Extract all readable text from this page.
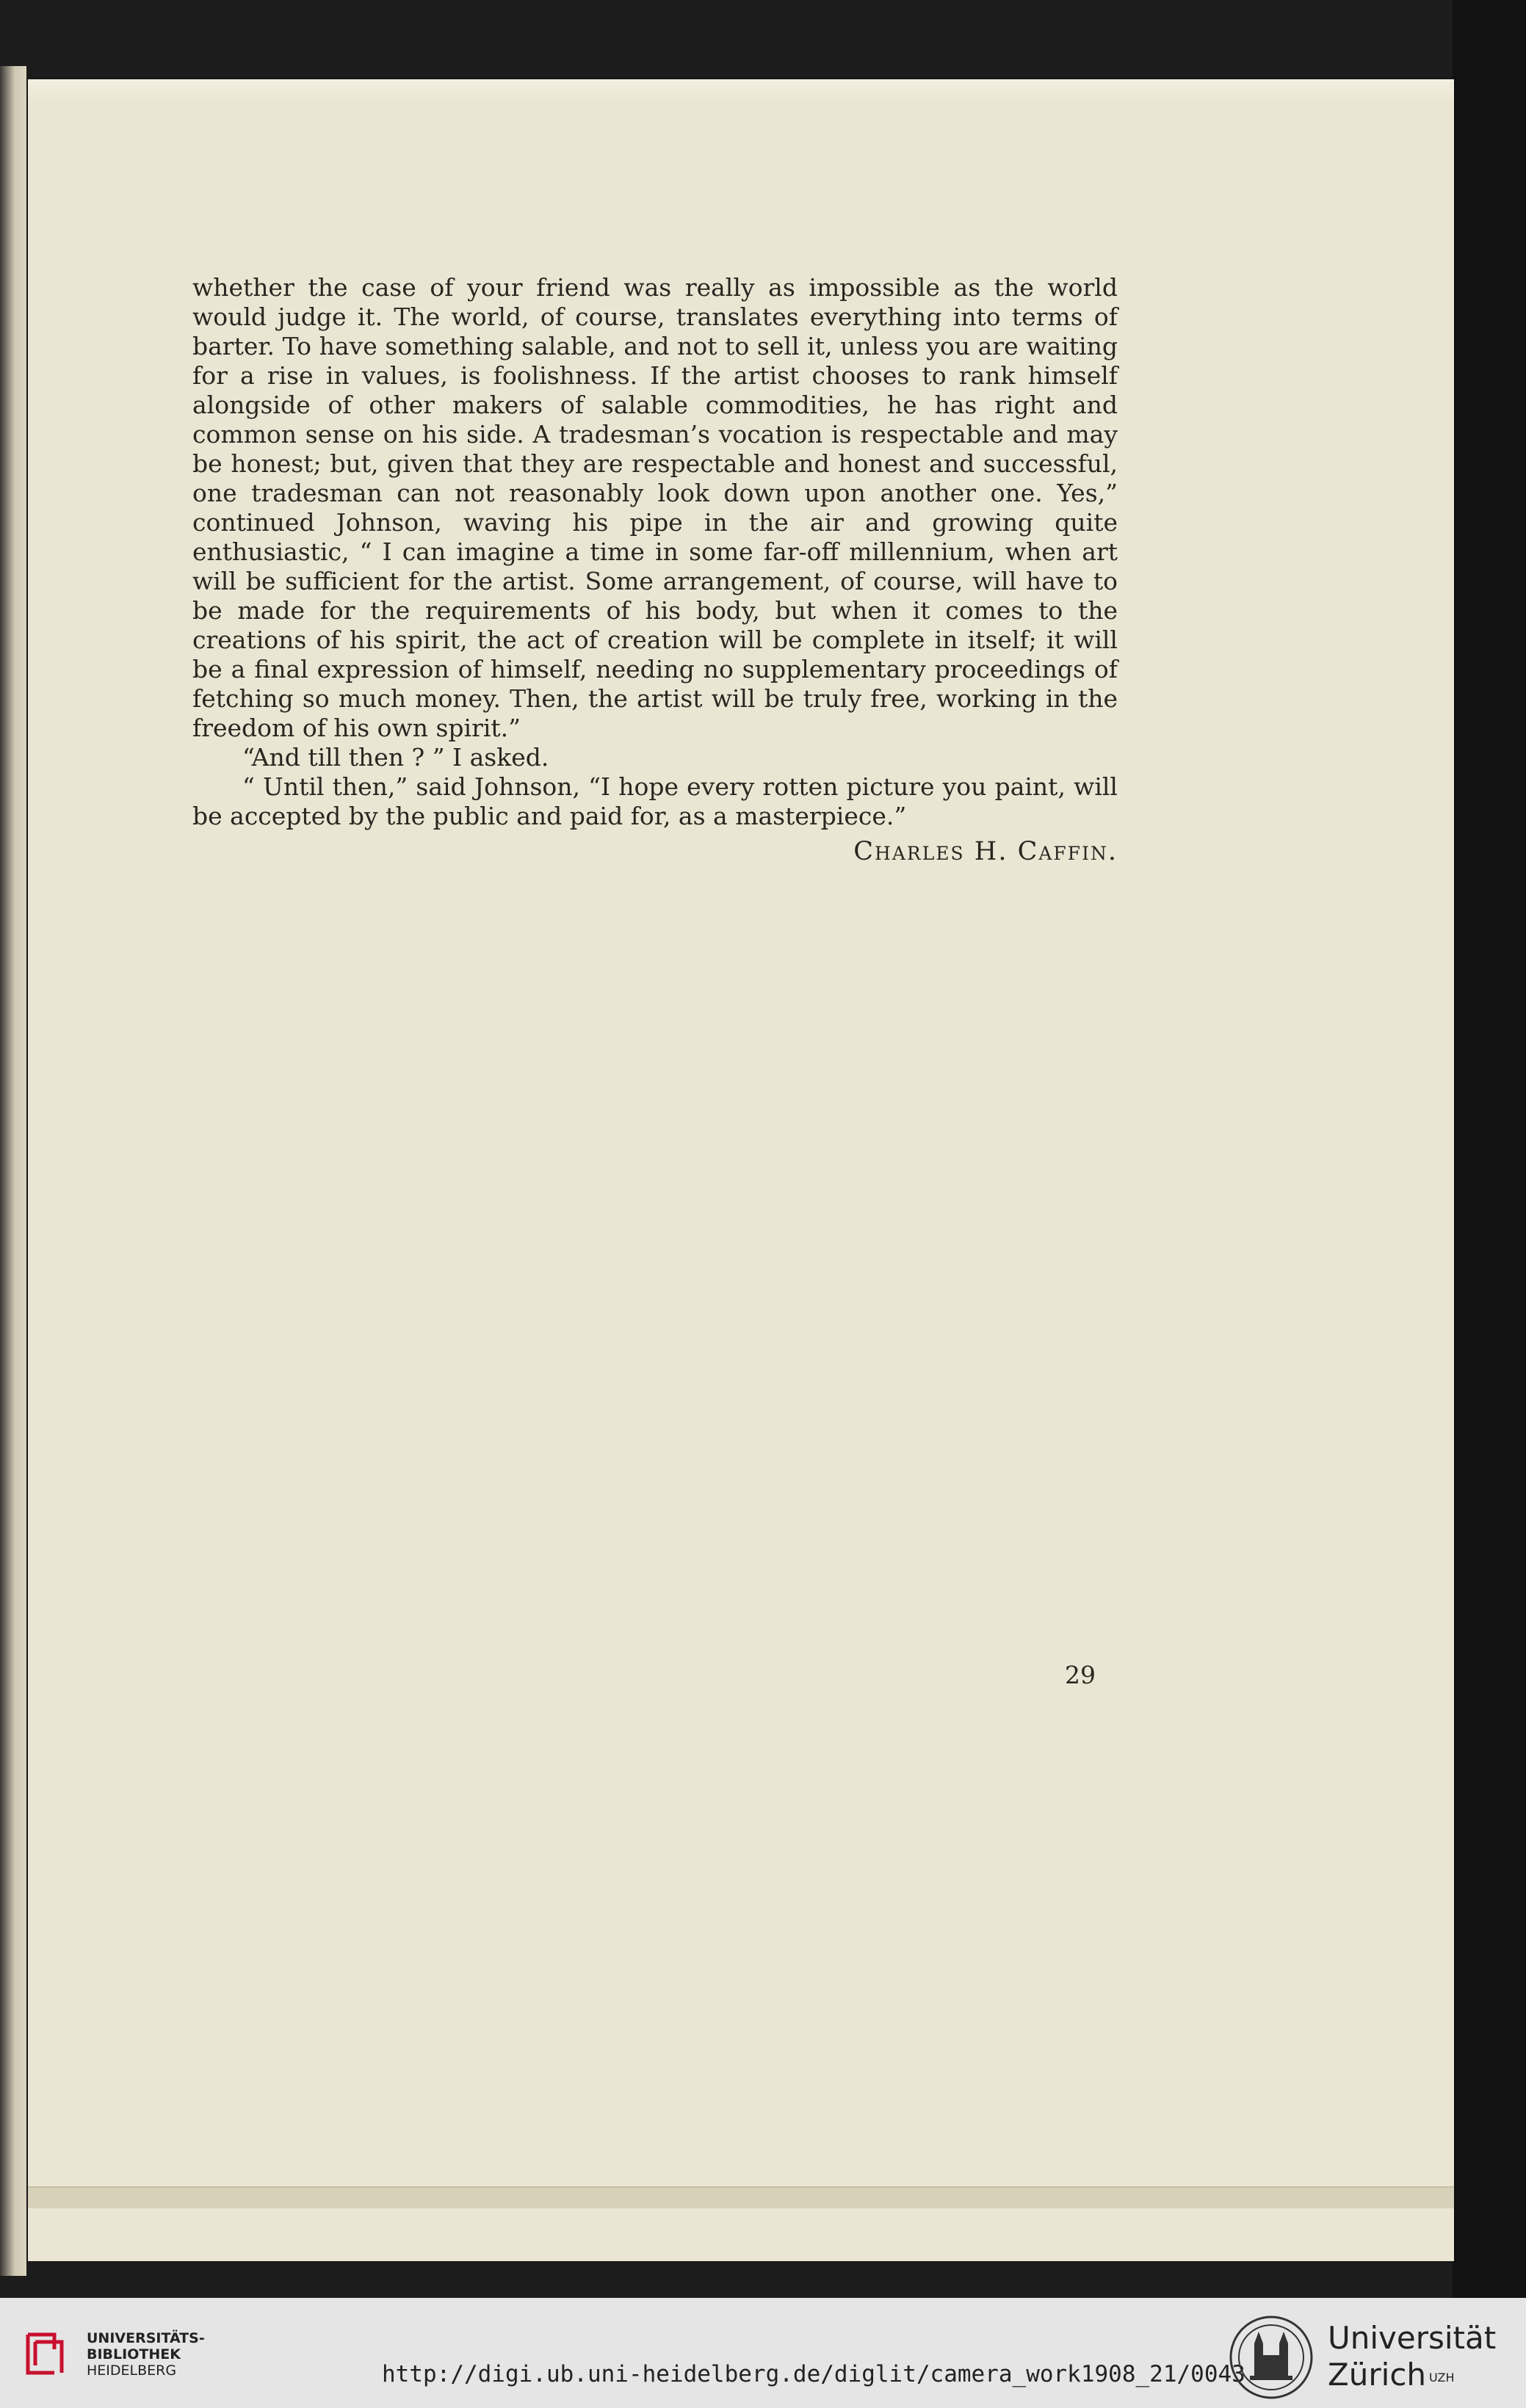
whether the case of your friend was really as impossible as the world would judge it. The world, of course, translates everything into terms of barter. To have something salable, and not to sell it, unless you are waiting for a rise in values, is foolishness. If the artist chooses to rank himself alongside of other makers of salable commodities, he has right and common sense on his side. A tradesman’s vocation is respectable and may be honest; but, given that they are respectable and honest and successful, one tradesman can not reasonably look down upon another one. Yes,” continued Johnson, waving his pipe in the air and growing quite enthusiastic, “ I can imagine a time in some far-off millennium, when art will be sufficient for the artist. Some arrangement, of course, will have to be made for the requirements of his body, but when it comes to the creations of his spirit, the act of creation will be complete in itself; it will be a final expression of himself, needing no supplementary proceedings of fetching so much money. Then, the artist will be truly free, working in the freedom of his own spirit.”

“And till then ? ” I asked.

“ Until then,” said Johnson, “I hope every rotten picture you paint, will be accepted by the public and paid for, as a masterpiece.”

Charles H. Caffin.
29
UNIVERSITÄTS-
BIBLIOTHEK
HEIDELBERG	http://digi.ub.uni-heidelberg.de/diglit/camera_work1908_21/0043
Universität
Zürich $^{UZH}$
